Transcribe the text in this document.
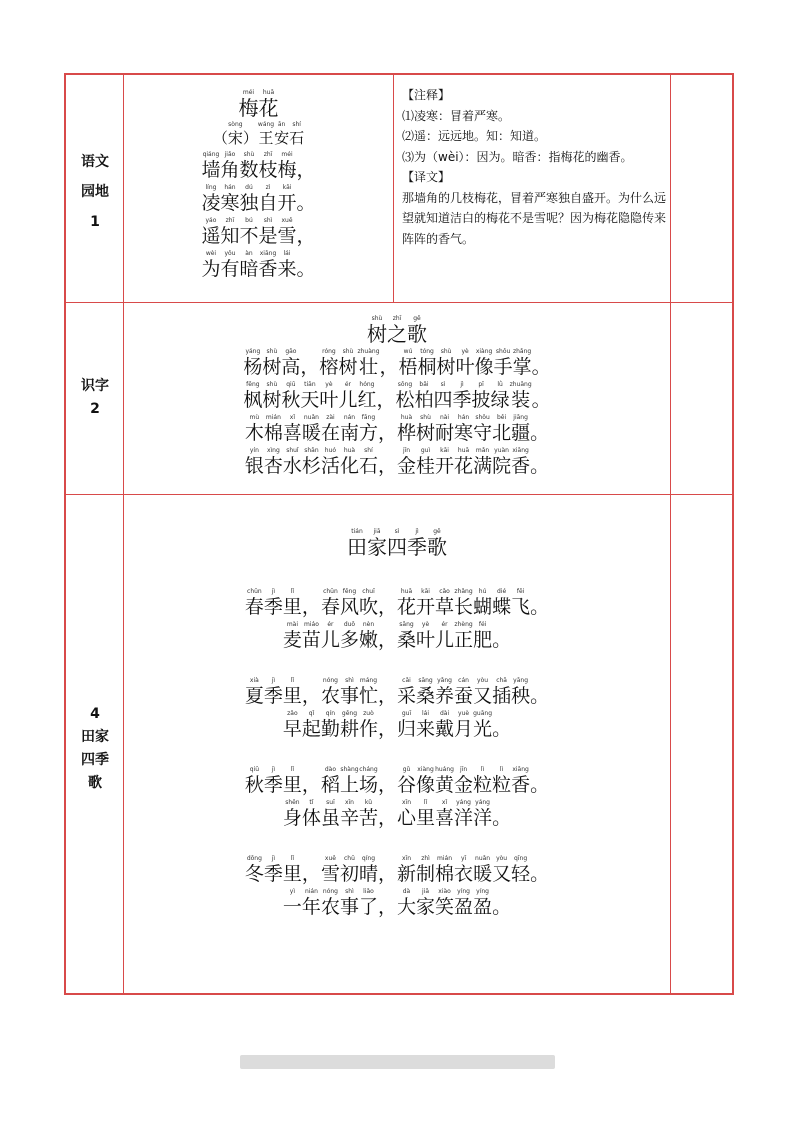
语文
园地
1
识字
2
4
田家
四季
歌
méi
梅
huā
花
（
sòng
宋 ）
wáng
王
ān
安
shí
石
qiáng
墙
jiǎo
角
shù
数
zhī
枝
méi
梅 ，
líng
凌
hán
寒
dú
独
zì
自
kāi
开 。
yáo
遥
zhī
知
bú
不
shì
是
xuě
雪 ，
wèi
为
yǒu
有
àn
暗
xiāng
香
lái
来 。

【注释】

⑴凌寒：冒着严寒。

⑵遥：远远地。知：知道。

⑶为（wèi）：因为。暗香：指梅花的幽香。

【译文】

那墙角的几枝梅花，冒着严寒独自盛开。为什么远望就知道洁白的梅花不是雪呢？因为梅花隐隐传来阵阵的香气。

shù
树
zhī
之
gē
歌
yáng
杨
shù
树
gāo
高 ，
róng
榕
shù
树
zhuàng
壮 ，
wú
梧
tóng
桐
shù
树
yè
叶
xiàng
像
shǒu
手
zhǎng
掌 。
fēng
枫
shù
树
qiū
秋
tiān
天
yè
叶
ér
儿
hóng
红 ，
sōng
松
bǎi
柏
sì
四
jì
季
pī
披
lǜ
绿
zhuāng
装 。
mù
木
mián
棉
xǐ
喜
nuǎn
暖
zài
在
nán
南
fāng
方 ，
huà
桦
shù
树
nài
耐
hán
寒
shǒu
守
běi
北
jiāng
疆 。
yín
银
xìng
杏
shuǐ
水
shān
杉
huó
活
huà
化
shí
石 ，
jīn
金
guì
桂
kāi
开
huā
花
mǎn
满
yuàn
院
xiāng
香 。
tián
田
jiā
家
sì
四
jì
季
gē
歌
chūn
春
jì
季
lǐ
里 ，
chūn
春
fēng
风
chuī
吹 ，
huā
花
kāi
开
cǎo
草
zhǎng
长
hú
蝴
dié
蝶
fēi
飞 。
mài
麦
miáo
苗
ér
儿
duō
多
nèn
嫩 ，
sāng
桑
yè
叶
ér
儿
zhèng
正
féi
肥 。
xià
夏
jì
季
lǐ
里 ，
nóng
农
shì
事
máng
忙 ，
cǎi
采
sāng
桑
yǎng
养
cán
蚕
yòu
又
chā
插
yāng
秧 。
zǎo
早
qǐ
起
qín
勤
gēng
耕
zuò
作 ，
guī
归
lái
来
dài
戴
yuè
月
guāng
光 。
qiū
秋
jì
季
lǐ
里 ，
dào
稻
shàng
上
cháng
场 ，
gǔ
谷
xiàng
像
huáng
黄
jīn
金
lì
粒
lì
粒
xiāng
香 。
shēn
身
tǐ
体
suī
虽
xīn
辛
kǔ
苦 ，
xīn
心
lǐ
里
xǐ
喜
yáng
洋
yáng
洋 。
dōng
冬
jì
季
lǐ
里 ，
xuě
雪
chū
初
qíng
晴 ，
xīn
新
zhì
制
mián
棉
yī
衣
nuǎn
暖
yòu
又
qīng
轻 。
yì
一
nián
年
nóng
农
shì
事
liǎo
了 ，
dà
大
jiā
家
xiào
笑
yíng
盈
yíng
盈 。
